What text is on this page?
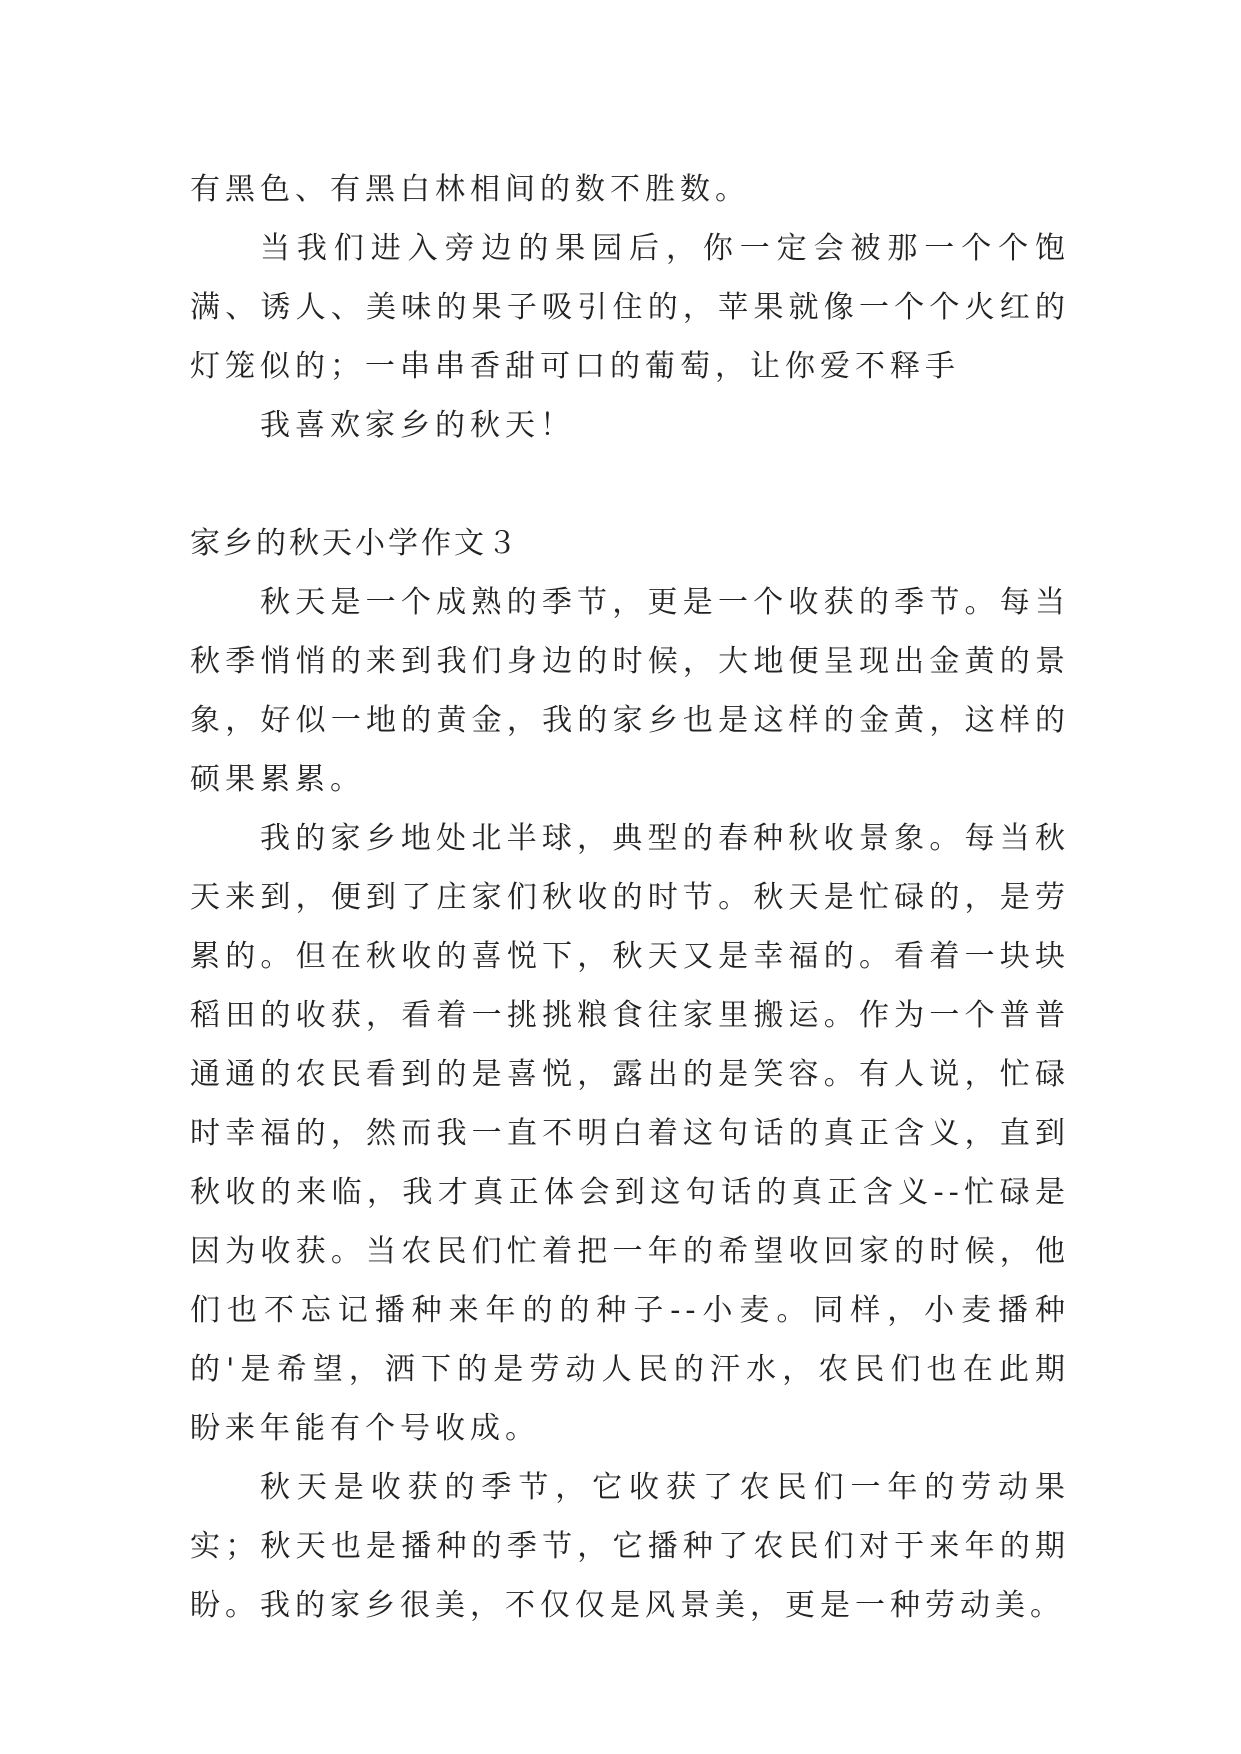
有黑色、有黑白林相间的数不胜数。

当我们进入旁边的果园后，你一定会被那一个个饱满、诱人、美味的果子吸引住的，苹果就像一个个火红的灯笼似的；一串串香甜可口的葡萄，让你爱不释手

我喜欢家乡的秋天！

家乡的秋天小学作文３

秋天是一个成熟的季节，更是一个收获的季节。每当秋季悄悄的来到我们身边的时候，大地便呈现出金黄的景象，好似一地的黄金，我的家乡也是这样的金黄，这样的硕果累累。

我的家乡地处北半球，典型的春种秋收景象。每当秋天来到，便到了庄家们秋收的时节。秋天是忙碌的，是劳累的。但在秋收的喜悦下，秋天又是幸福的。看着一块块稻田的收获，看着一挑挑粮食往家里搬运。作为一个普普通通的农民看到的是喜悦，露出的是笑容。有人说，忙碌时幸福的，然而我一直不明白着这句话的真正含义，直到秋收的来临，我才真正体会到这句话的真正含义--忙碌是因为收获。当农民们忙着把一年的希望收回家的时候，他们也不忘记播种来年的的种子--小麦。同样，小麦播种的'是希望，洒下的是劳动人民的汗水，农民们也在此期盼来年能有个号收成。

秋天是收获的季节，它收获了农民们一年的劳动果实；秋天也是播种的季节，它播种了农民们对于来年的期盼。我的家乡很美，不仅仅是风景美，更是一种劳动美。
